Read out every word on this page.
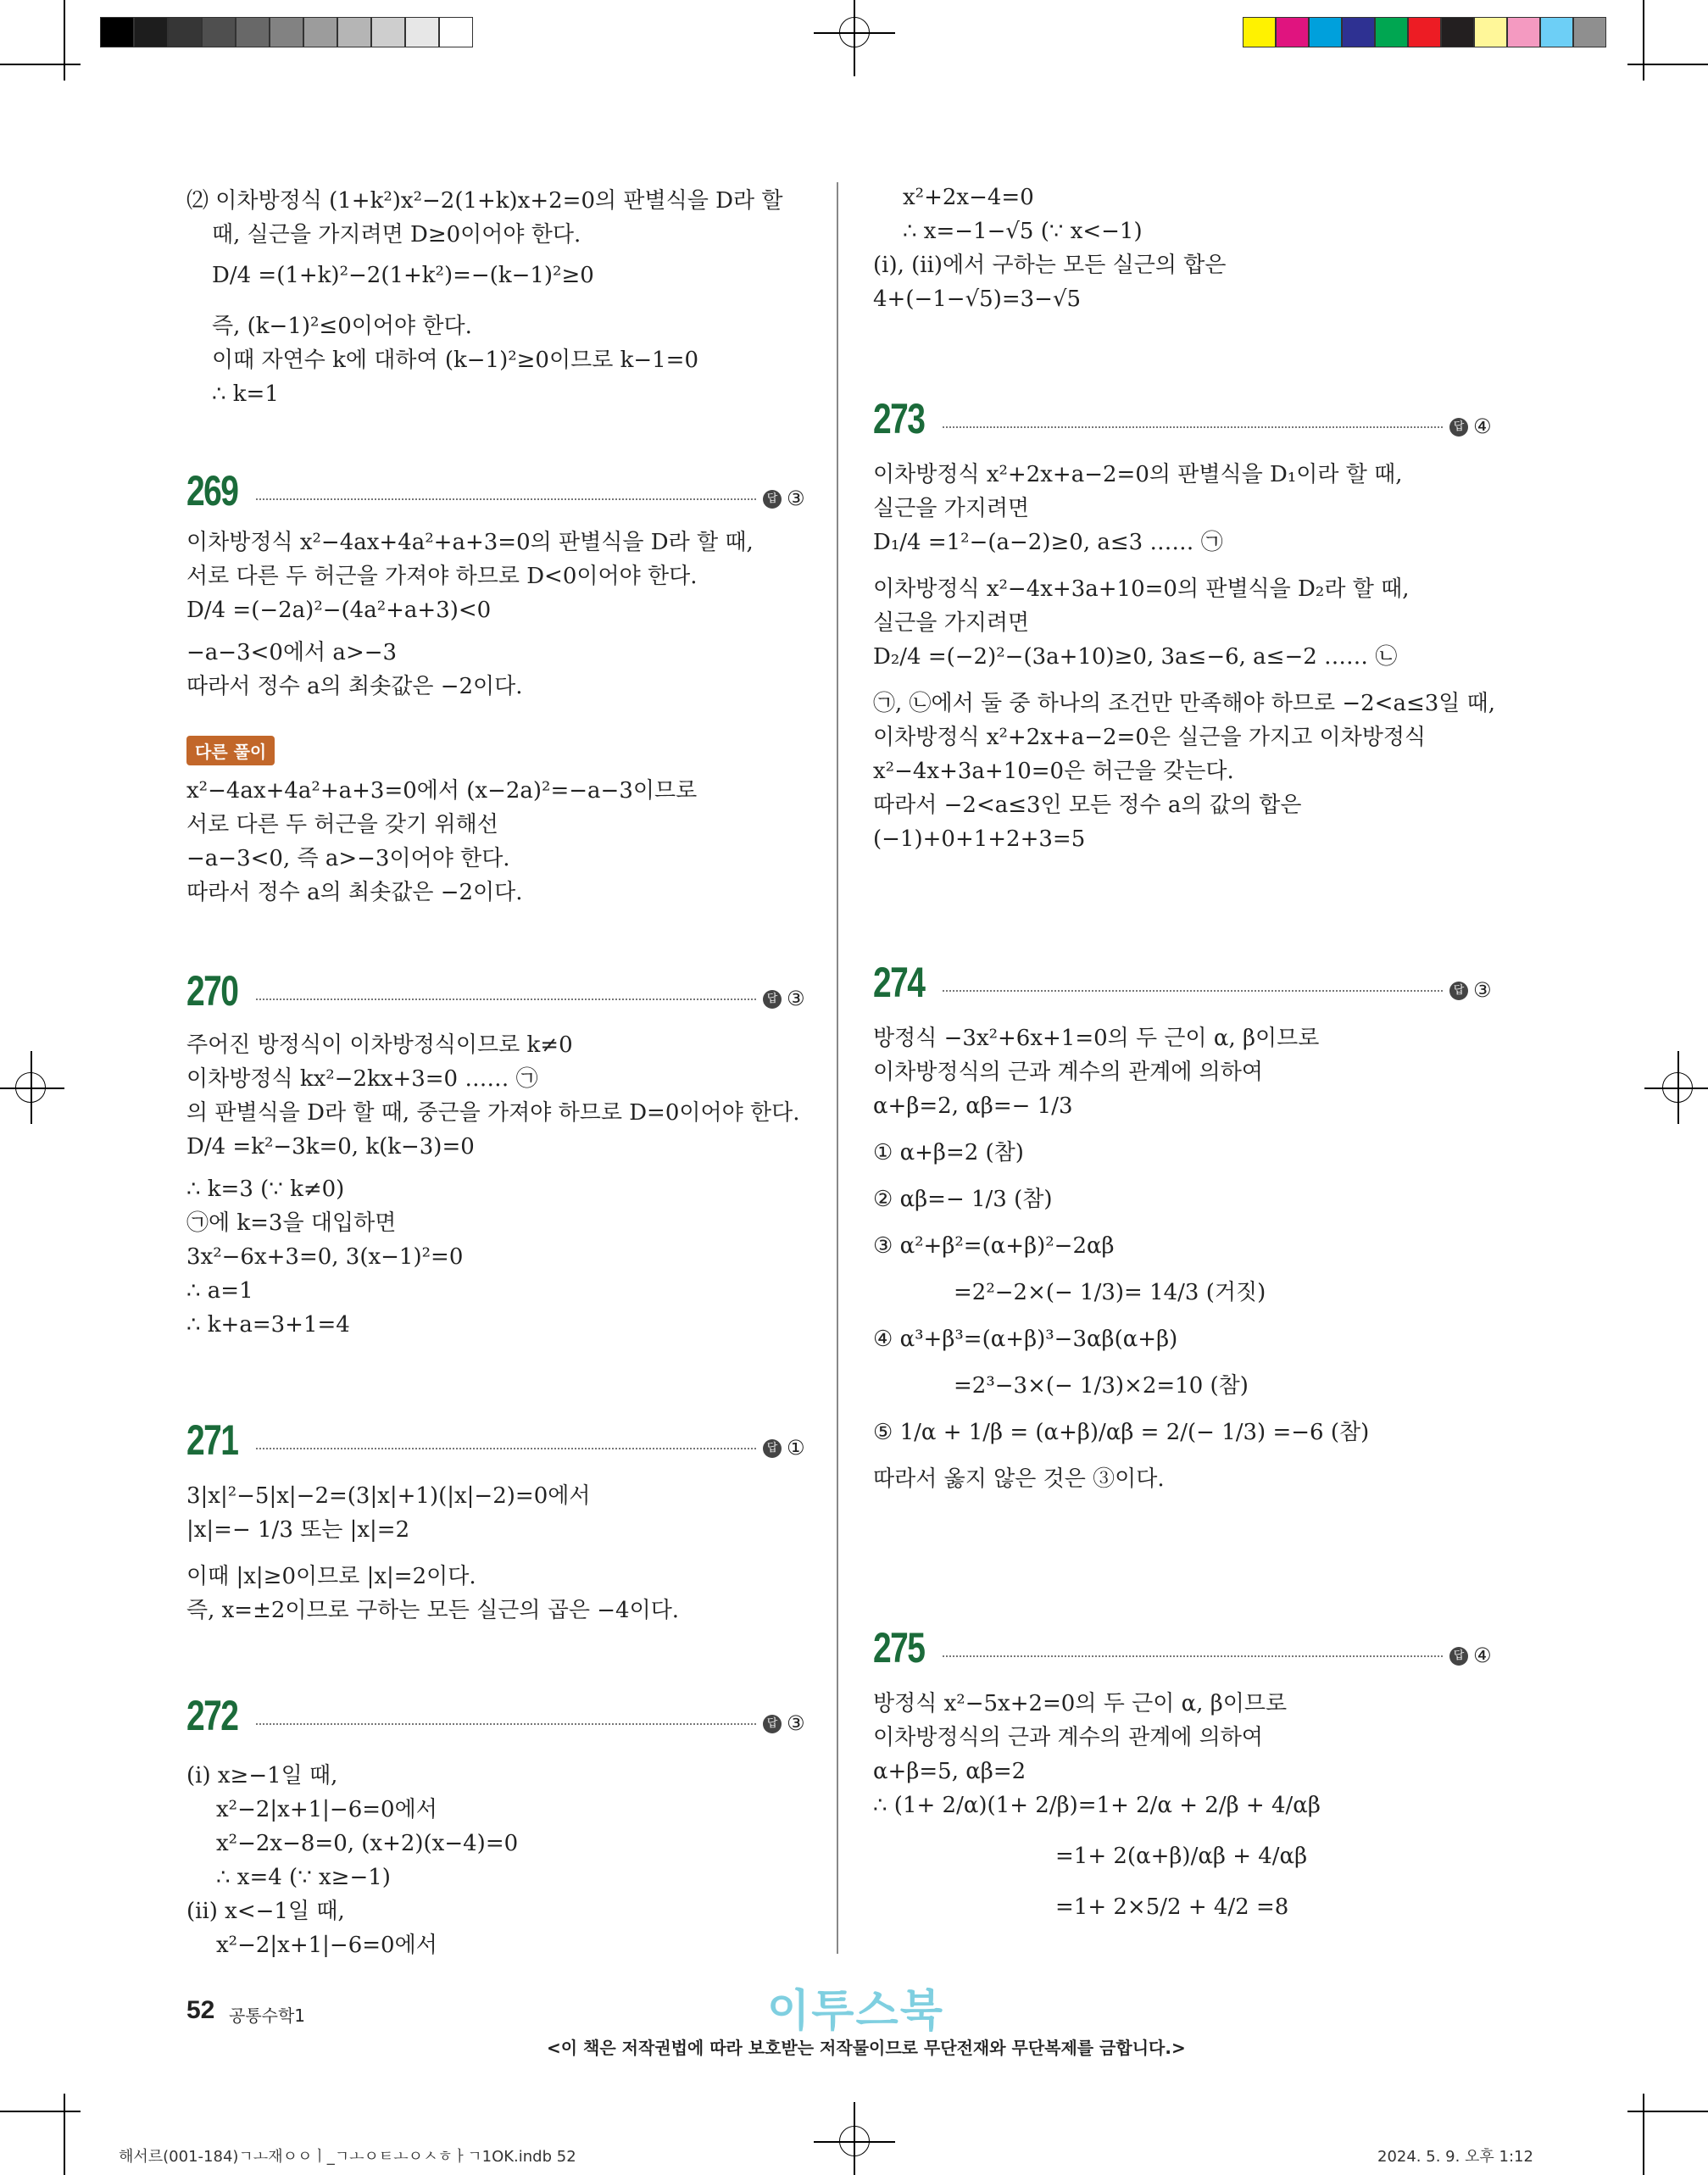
52 공통수학1	이투스북
<이 책은 저작권법에 따라 보호받는 저작물이므로 무단전재와 무단복제를 금합니다.>
해서르(001-184)ㄱㅗ재ㅇㅇㅣ_ㄱㅗㅇㅌㅗㅇㅅㅎㅏㄱ1OK.indb 52	2024. 5. 9. 오후 1:12
⑵ 이차방정식 (1+k²)x²−2(1+k)x+2=0의 판별식을 D라 할
때, 실근을 가지려면 D≥0이어야 한다.
D/4 =(1+k)²−2(1+k²)=−(k−1)²≥0
즉, (k−1)²≤0이어야 한다.
이때 자연수 k에 대하여 (k−1)²≥0이므로 k−1=0
∴ k=1
269	답 ③
이차방정식 x²−4ax+4a²+a+3=0의 판별식을 D라 할 때,
서로 다른 두 허근을 가져야 하므로 D<0이어야 한다.
D/4 =(−2a)²−(4a²+a+3)<0
−a−3<0에서 a>−3
따라서 정수 a의 최솟값은 −2이다.
다른 풀이
x²−4ax+4a²+a+3=0에서 (x−2a)²=−a−3이므로
서로 다른 두 허근을 갖기 위해선
−a−3<0, 즉 a>−3이어야 한다.
따라서 정수 a의 최솟값은 −2이다.
270	답 ③
주어진 방정식이 이차방정식이므로 k≠0
이차방정식 kx²−2kx+3=0 …… ㉠
의 판별식을 D라 할 때, 중근을 가져야 하므로 D=0이어야 한다.
D/4 =k²−3k=0, k(k−3)=0
∴ k=3 (∵ k≠0)
㉠에 k=3을 대입하면
3x²−6x+3=0, 3(x−1)²=0
∴ a=1
∴ k+a=3+1=4
271	답 ①
3|x|²−5|x|−2=(3|x|+1)(|x|−2)=0에서
|x|=− 1/3 또는 |x|=2
이때 |x|≥0이므로 |x|=2이다.
즉, x=±2이므로 구하는 모든 실근의 곱은 −4이다.
272	답 ③
(i) x≥−1일 때,
x²−2|x+1|−6=0에서
x²−2x−8=0, (x+2)(x−4)=0
∴ x=4 (∵ x≥−1)
(ii) x<−1일 때,
x²−2|x+1|−6=0에서
x²+2x−4=0
∴ x=−1−√5 (∵ x<−1)
(i), (ii)에서 구하는 모든 실근의 합은
4+(−1−√5)=3−√5
273	답 ④
이차방정식 x²+2x+a−2=0의 판별식을 D₁이라 할 때,
실근을 가지려면
D₁/4 =1²−(a−2)≥0, a≤3 …… ㉠
이차방정식 x²−4x+3a+10=0의 판별식을 D₂라 할 때,
실근을 가지려면
D₂/4 =(−2)²−(3a+10)≥0, 3a≤−6, a≤−2 …… ㉡
㉠, ㉡에서 둘 중 하나의 조건만 만족해야 하므로 −2<a≤3일 때,
이차방정식 x²+2x+a−2=0은 실근을 가지고 이차방정식
x²−4x+3a+10=0은 허근을 갖는다.
따라서 −2<a≤3인 모든 정수 a의 값의 합은
(−1)+0+1+2+3=5
274	답 ③
방정식 −3x²+6x+1=0의 두 근이 α, β이므로
이차방정식의 근과 계수의 관계에 의하여
α+β=2, αβ=− 1/3
① α+β=2 (참)
② αβ=− 1/3 (참)
③ α²+β²=(α+β)²−2αβ
=2²−2×(− 1/3)= 14/3 (거짓)
④ α³+β³=(α+β)³−3αβ(α+β)
=2³−3×(− 1/3)×2=10 (참)
⑤ 1/α + 1/β = (α+β)/αβ = 2/(− 1/3) =−6 (참)
따라서 옳지 않은 것은 ③이다.
275	답 ④
방정식 x²−5x+2=0의 두 근이 α, β이므로
이차방정식의 근과 계수의 관계에 의하여
α+β=5, αβ=2
∴ (1+ 2/α)(1+ 2/β)=1+ 2/α + 2/β + 4/αβ
=1+ 2(α+β)/αβ + 4/αβ
=1+ 2×5/2 + 4/2 =8
